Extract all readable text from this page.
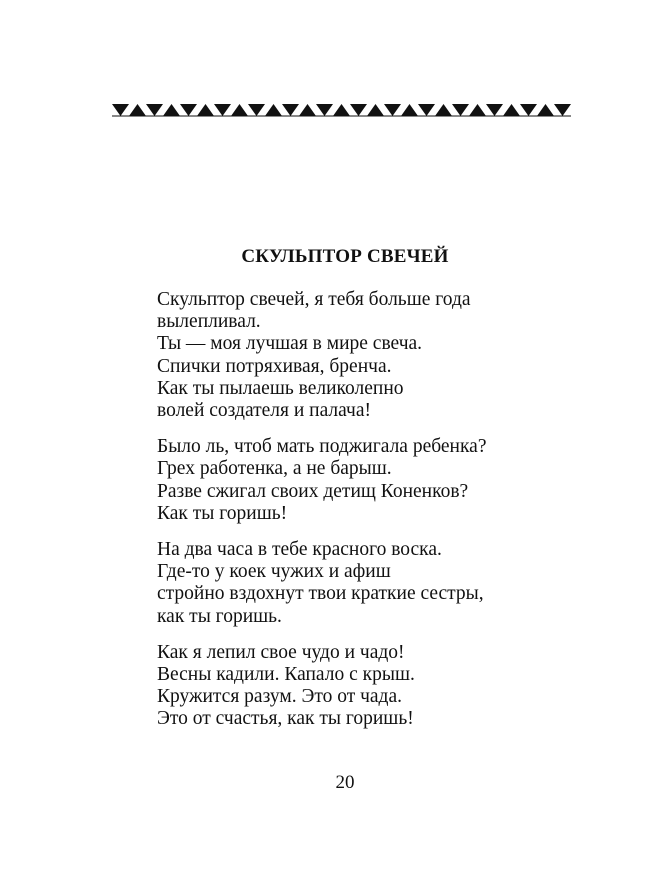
СКУЛЬПТОР СВЕЧЕЙ
Скульптор свечей, я тебя больше года
вылепливал.
Ты — моя лучшая в мире свеча.
Спички потряхивая, бренча.
Как ты пылаешь великолепно
волей создателя и палача!
Было ль, чтоб мать поджигала ребенка?
Грех работенка, а не барыш.
Разве сжигал своих детищ Коненков?
Как ты горишь!
На два часа в тебе красного воска.
Где-то у коек чужих и афиш
стройно вздохнут твои краткие сестры,
как ты горишь.
Как я лепил свое чудо и чадо!
Весны кадили. Капало с крыш.
Кружится разум. Это от чада.
Это от счастья, как ты горишь!
20
